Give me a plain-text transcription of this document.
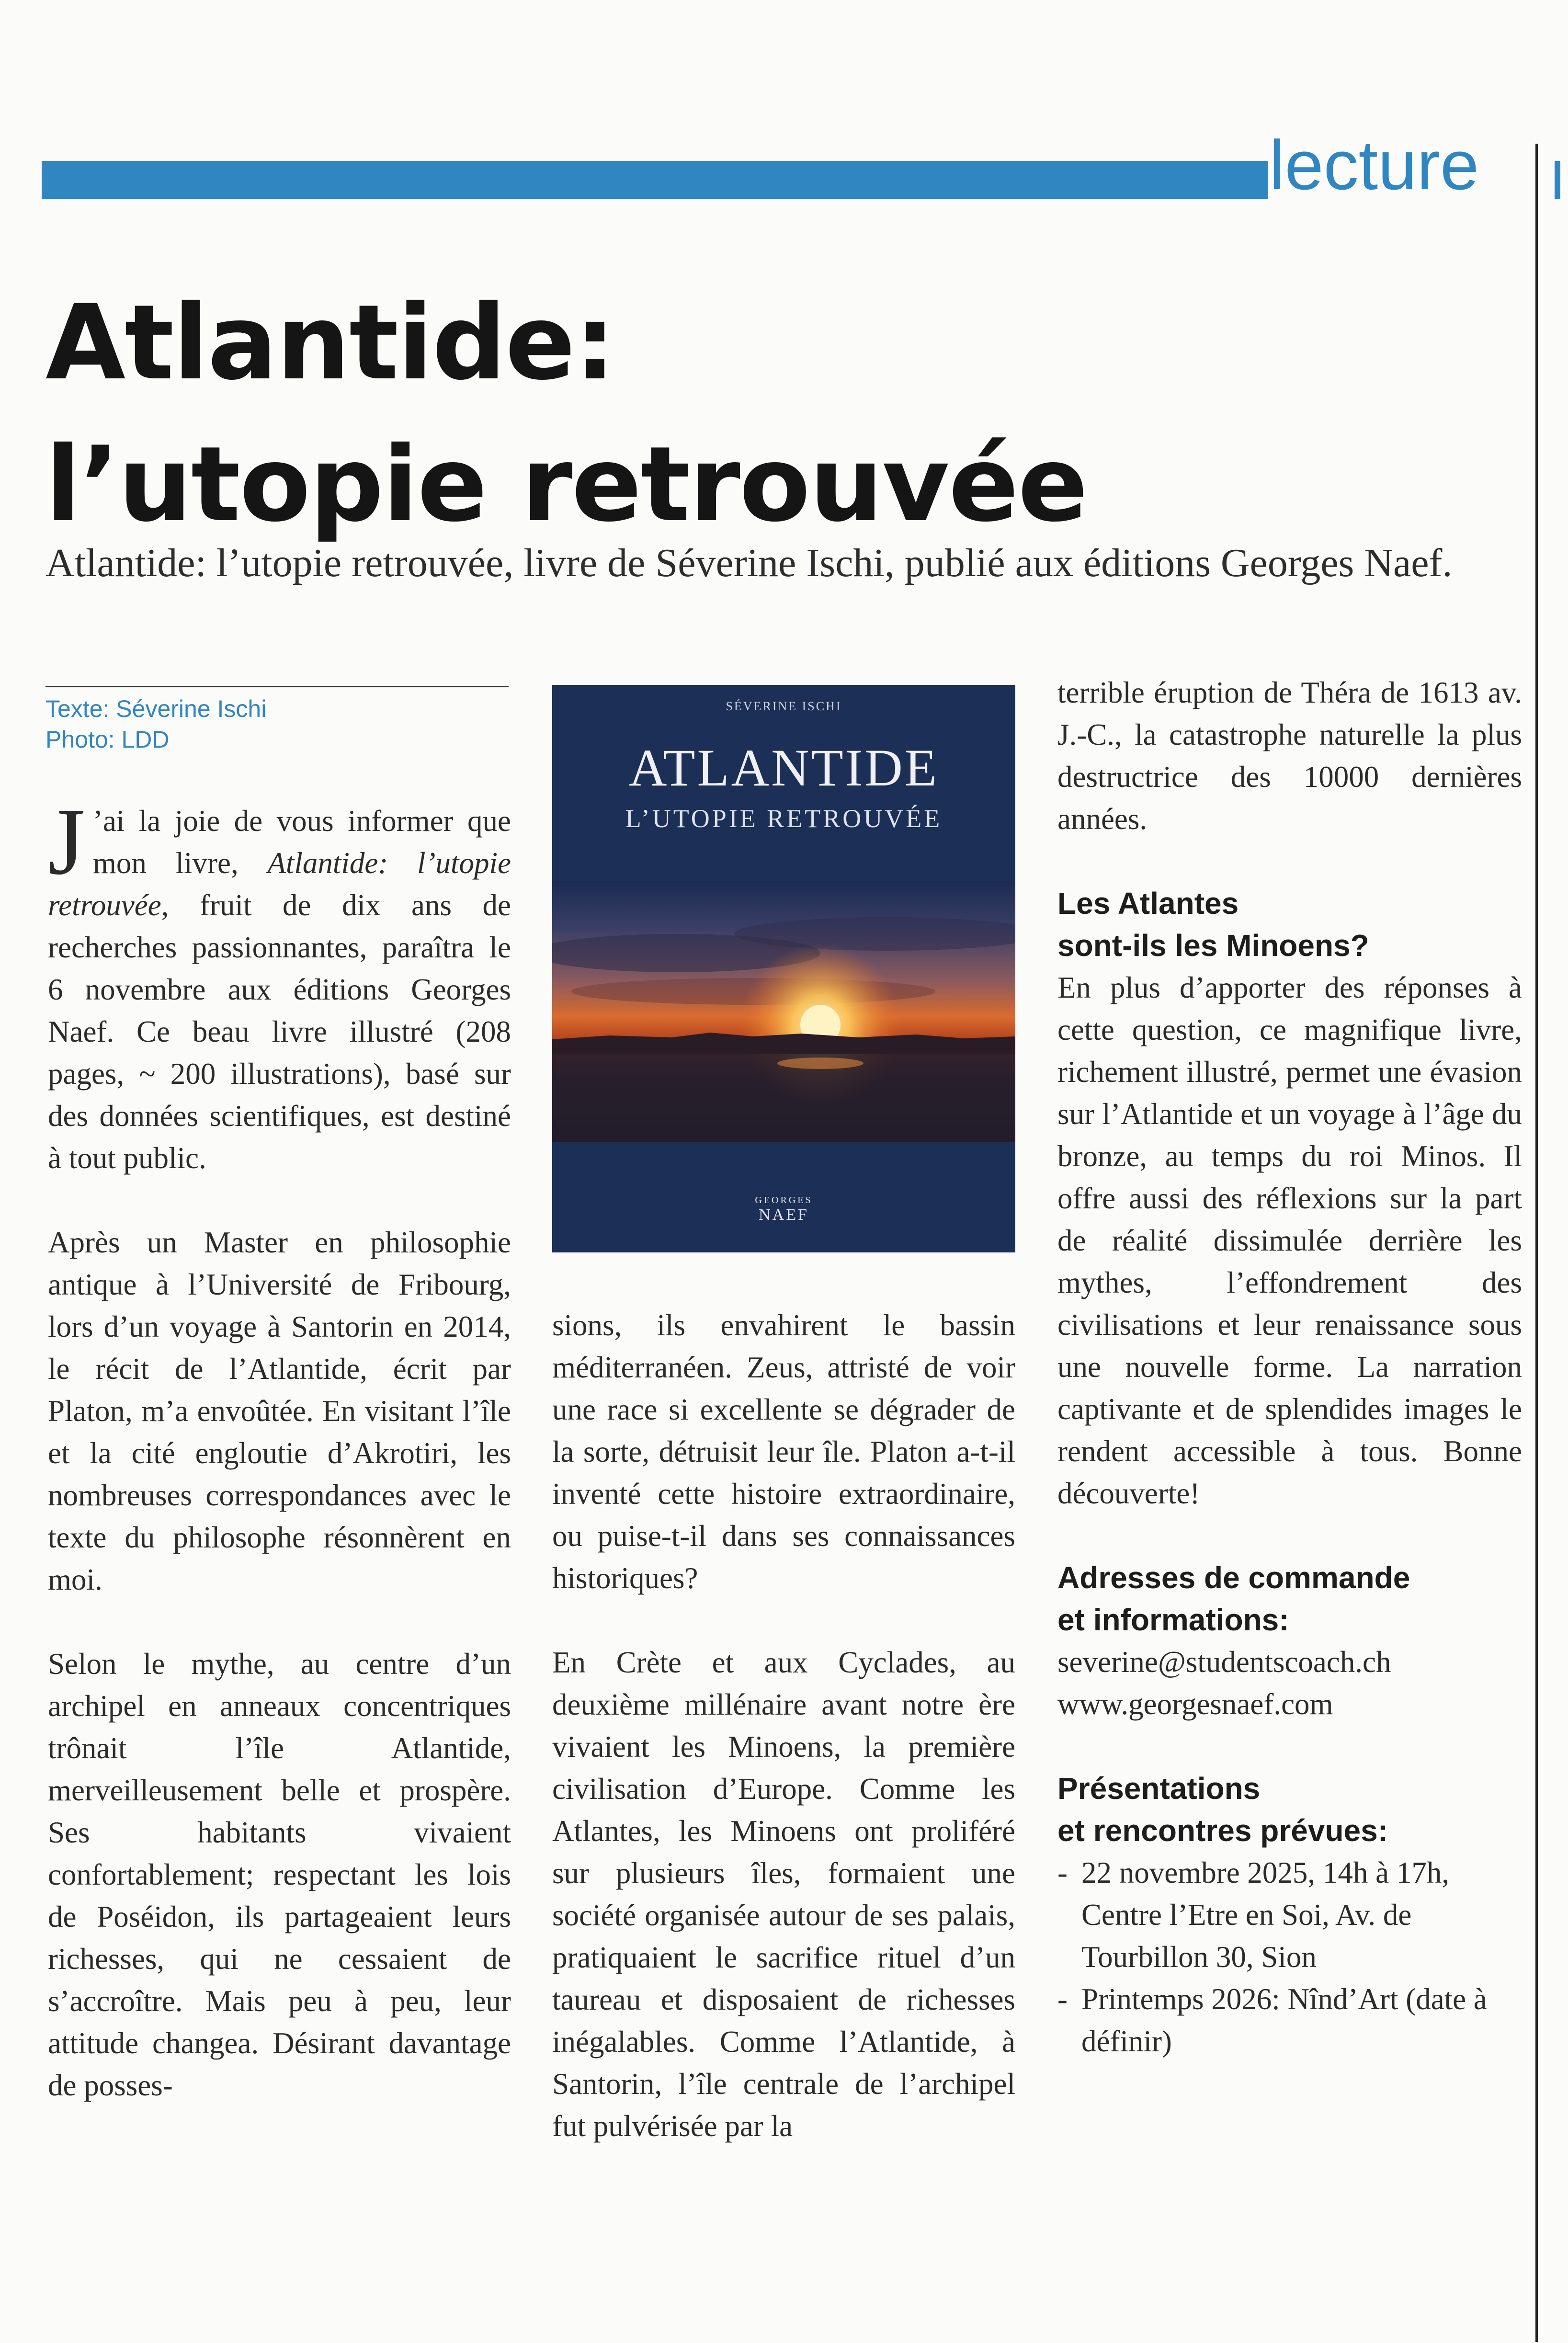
lecture
Atlantide:
l’utopie retrouvée

Atlantide: l’utopie retrouvée, livre de Séverine Ischi, publié aux éditions Georges Naef.

Texte: Séverine Ischi
Photo: LDD

J ’ai la joie de vous informer que mon livre, Atlantide: l’utopie retrouvée, fruit de dix ans de recherches passionnantes, paraîtra le 6 novembre aux éditions Georges Naef. Ce beau livre illustré (208 pages, ~ 200 illustrations), basé sur des données scientifiques, est destiné à tout public.

Après un Master en philosophie antique à l’Université de Fribourg, lors d’un voyage à Santorin en 2014, le récit de l’Atlantide, écrit par Platon, m’a envoûtée. En visitant l’île et la cité engloutie d’Akrotiri, les nombreuses correspondances avec le texte du philosophe résonnèrent en moi.

Selon le mythe, au centre d’un archipel en anneaux concentriques trônait l’île Atlantide, merveilleusement belle et prospère. Ses habitants vivaient confortablement; respectant les lois de Poséidon, ils partageaient leurs richesses, qui ne cessaient de s’accroître. Mais peu à peu, leur attitude changea. Désirant davantage de posses-

SÉVERINE ISCHI
ATLANTIDE
L’UTOPIE RETROUVÉE
GEORGES
NAEF

sions, ils envahirent le bassin méditerranéen. Zeus, attristé de voir une race si excellente se dégrader de la sorte, détruisit leur île. Platon a-t-il inventé cette histoire extraordinaire, ou puise-t-il dans ses connaissances historiques?

En Crète et aux Cyclades, au deuxième millénaire avant notre ère vivaient les Minoens, la première civilisation d’Europe. Comme les Atlantes, les Minoens ont proliféré sur plusieurs îles, formaient une société organisée autour de ses palais, pratiquaient le sacrifice rituel d’un taureau et disposaient de richesses inégalables. Comme l’Atlantide, à Santorin, l’île centrale de l’archipel fut pulvérisée par la

terrible éruption de Théra de 1613 av. J.-C., la catastrophe naturelle la plus destructrice des 10000 dernières années.

Les Atlantes
sont-ils les Minoens?

En plus d’apporter des réponses à cette question, ce magnifique livre, richement illustré, permet une évasion sur l’Atlantide et un voyage à l’âge du bronze, au temps du roi Minos. Il offre aussi des réflexions sur la part de réalité dissimulée derrière les mythes, l’effondrement des civilisations et leur renaissance sous une nouvelle forme. La narration captivante et de splendides images le rendent accessible à tous. Bonne découverte!

Adresses de commande
et informations:

severine@studentscoach.ch

www.georgesnaef.com

Présentations
et rencontres prévues:
- 22 novembre 2025, 14h à 17h, Centre l’Etre en Soi, Av. de Tourbillon 30, Sion
- Printemps 2026: Nînd’Art (date à définir)
